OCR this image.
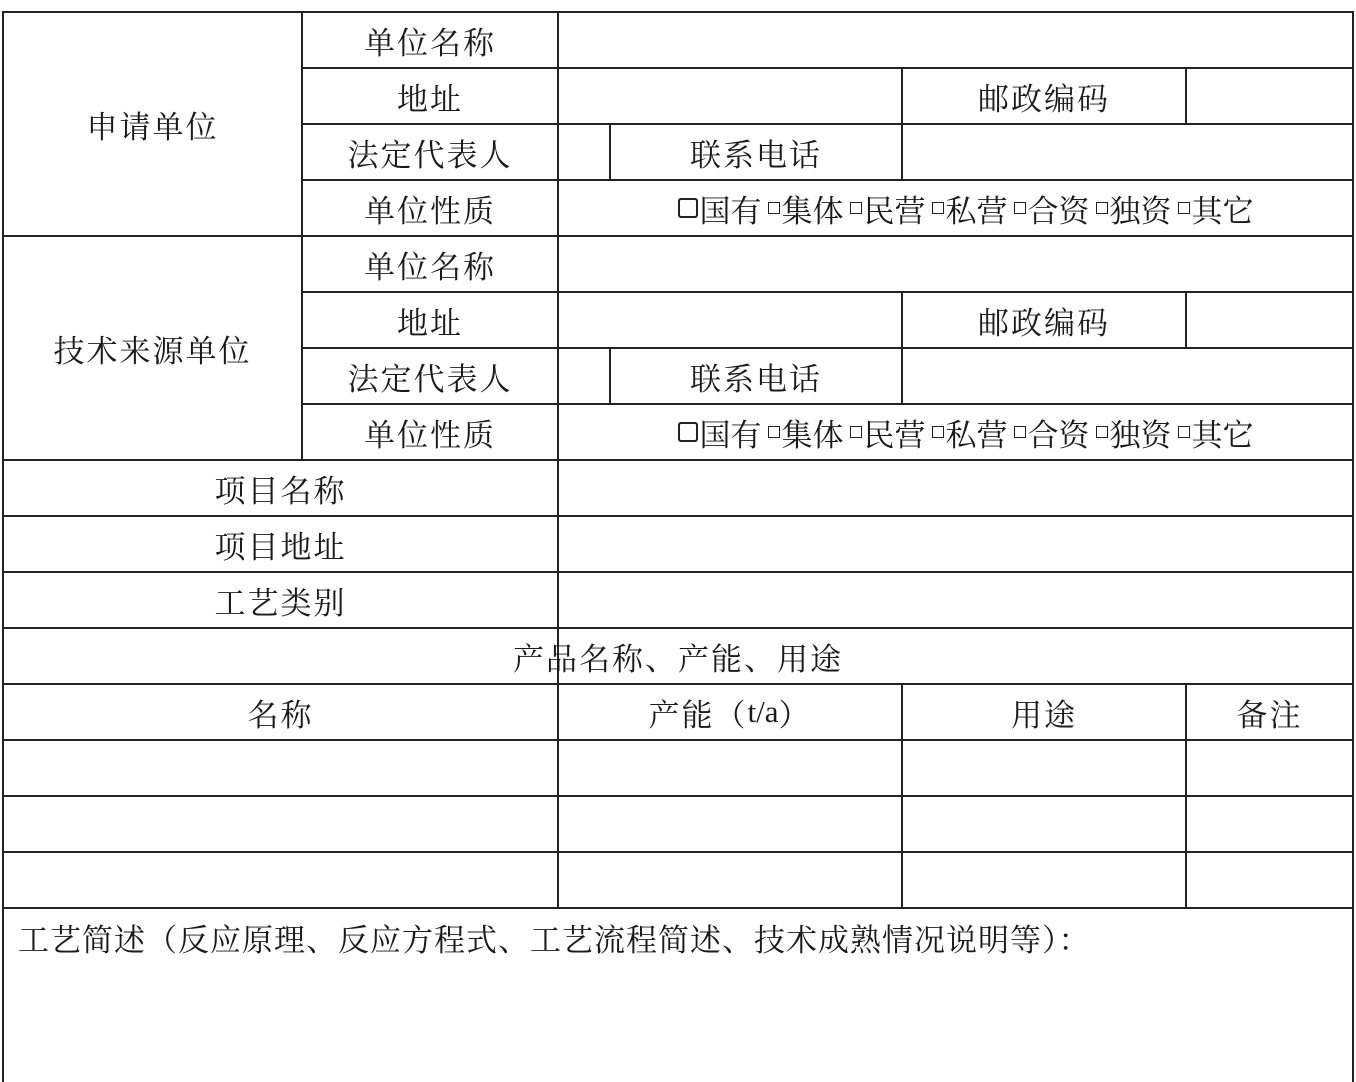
申请单位
单位名称
地址	邮政编码
法定代表人	联系电话
单位性质	国有 集体 民营 私营 合资 独资 其它
技术来源单位
单位名称
地址	邮政编码
法定代表人	联系电话
单位性质	国有 集体 民营 私营 合资 独资 其它
项目名称
项目地址
工艺类别
产品名称、产能、用途
名称	产能（ t/a ）	用途	备注
工艺简述（反应原理、反应方程式、工艺流程简述、技术成熟情况说明等）：
